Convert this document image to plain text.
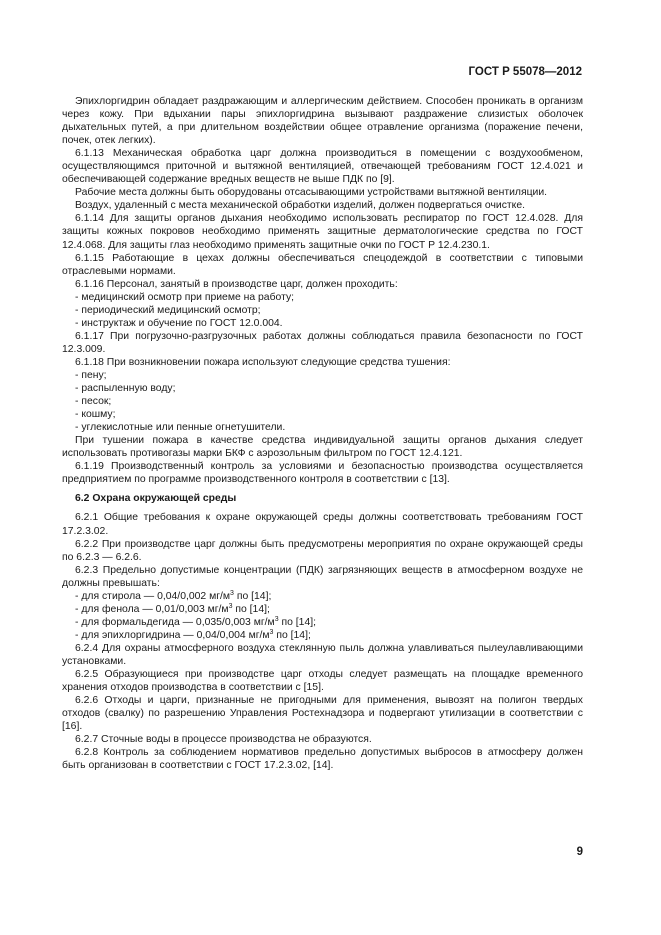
ГОСТ Р 55078—2012

Эпихлоргидрин обладает раздражающим и аллергическим действием. Способен проникать в организм через кожу. При вдыхании пары эпихлоргидрина вызывают раздражение слизистых оболочек дыхательных путей, а при длительном воздействии общее отравление организма (поражение печени, почек, отек легких).

6.1.13 Механическая обработка царг должна производиться в помещении с воздухообменом, осуществляющимся приточной и вытяжной вентиляцией, отвечающей требованиям ГОСТ 12.4.021 и обеспечивающей содержание вредных веществ не выше ПДК по [9].

Рабочие места должны быть оборудованы отсасывающими устройствами вытяжной вентиляции.

Воздух, удаленный с места механической обработки изделий, должен подвергаться очистке.

6.1.14 Для защиты органов дыхания необходимо использовать респиратор по ГОСТ 12.4.028. Для защиты кожных покровов необходимо применять защитные дерматологические средства по ГОСТ 12.4.068. Для защиты глаз необходимо применять защитные очки по ГОСТ Р 12.4.230.1.

6.1.15 Работающие в цехах должны обеспечиваться спецодеждой в соответствии с типовыми отраслевыми нормами.

6.1.16 Персонал, занятый в производстве царг, должен проходить:

- медицинский осмотр при приеме на работу;

- периодический медицинский осмотр;

- инструктаж и обучение по ГОСТ 12.0.004.

6.1.17 При погрузочно-разгрузочных работах должны соблюдаться правила безопасности по ГОСТ 12.3.009.

6.1.18 При возникновении пожара используют следующие средства тушения:

- пену;

- распыленную воду;

- песок;

- кошму;

- углекислотные или пенные огнетушители.

При тушении пожара в качестве средства индивидуальной защиты органов дыхания следует использовать противогазы марки БКФ с аэрозольным фильтром по ГОСТ 12.4.121.

6.1.19 Производственный контроль за условиями и безопасностью производства осуществляется предприятием по программе производственного контроля в соответствии с [13].

6.2 Охрана окружающей среды

6.2.1 Общие требования к охране окружающей среды должны соответствовать требованиям ГОСТ 17.2.3.02.

6.2.2 При производстве царг должны быть предусмотрены мероприятия по охране окружающей среды по 6.2.3 — 6.2.6.

6.2.3 Предельно допустимые концентрации (ПДК) загрязняющих веществ в атмосферном воздухе не должны превышать:

- для стирола — 0,04/0,002 $мг/м^3$ по [14];

- для фенола — 0,01/0,003 $мг/м^3$ по [14];

- для формальдегида — 0,035/0,003 $мг/м^3$ по [14];

- для эпихлоргидрина — 0,04/0,004 $мг/м^3$ по [14];

6.2.4 Для охраны атмосферного воздуха стеклянную пыль должна улавливаться пылеулавливающими установками.

6.2.5 Образующиеся при производстве царг отходы следует размещать на площадке временного хранения отходов производства в соответствии с [15].

6.2.6 Отходы и царги, признанные не пригодными для применения, вывозят на полигон твердых отходов (свалку) по разрешению Управления Ростехнадзора и подвергают утилизации в соответствии с [16].

6.2.7 Сточные воды в процессе производства не образуются.

6.2.8 Контроль за соблюдением нормативов предельно допустимых выбросов в атмосферу должен быть организован в соответствии с ГОСТ 17.2.3.02, [14].

9
